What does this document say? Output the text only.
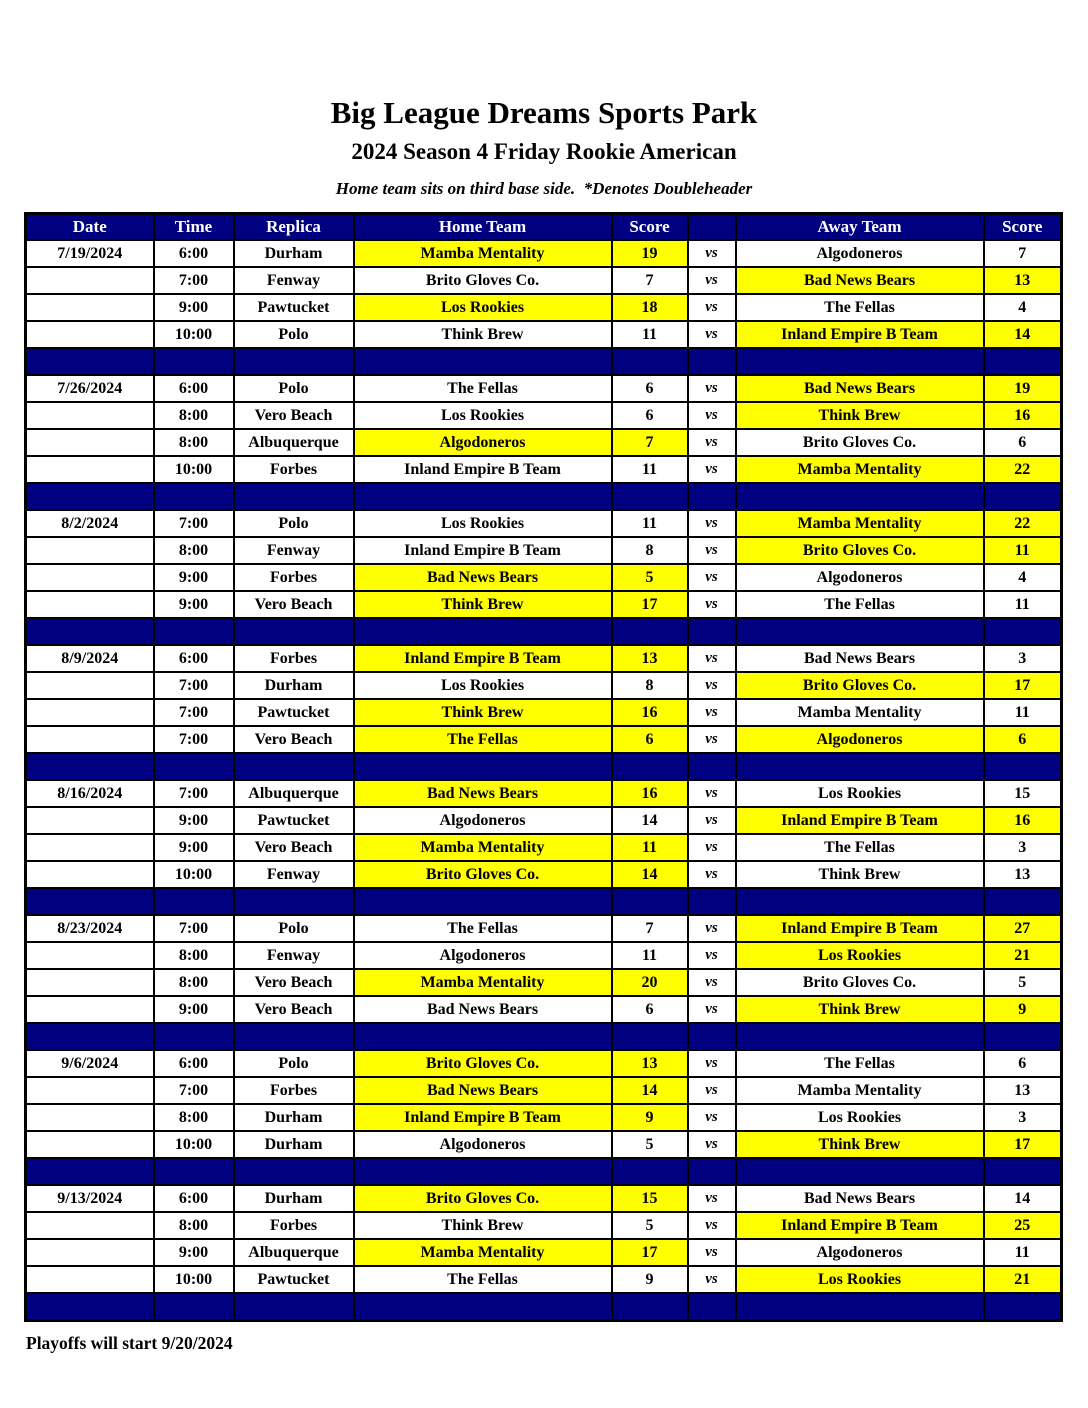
Big League Dreams Sports Park
2024 Season 4 Friday Rookie American
Home team sits on third base side.  *Denotes Doubleheader
Date	Time	Replica	Home Team	Score		Away Team	Score
7/19/2024	6:00	Durham	Mamba Mentality	19	vs	Algodoneros	7
	7:00	Fenway	Brito Gloves Co.	7	vs	Bad News Bears	13
	9:00	Pawtucket	Los Rookies	18	vs	The Fellas	4
	10:00	Polo	Think Brew	11	vs	Inland Empire B Team	14

7/26/2024	6:00	Polo	The Fellas	6	vs	Bad News Bears	19
	8:00	Vero Beach	Los Rookies	6	vs	Think Brew	16
	8:00	Albuquerque	Algodoneros	7	vs	Brito Gloves Co.	6
	10:00	Forbes	Inland Empire B Team	11	vs	Mamba Mentality	22

8/2/2024	7:00	Polo	Los Rookies	11	vs	Mamba Mentality	22
	8:00	Fenway	Inland Empire B Team	8	vs	Brito Gloves Co.	11
	9:00	Forbes	Bad News Bears	5	vs	Algodoneros	4
	9:00	Vero Beach	Think Brew	17	vs	The Fellas	11

8/9/2024	6:00	Forbes	Inland Empire B Team	13	vs	Bad News Bears	3
	7:00	Durham	Los Rookies	8	vs	Brito Gloves Co.	17
	7:00	Pawtucket	Think Brew	16	vs	Mamba Mentality	11
	7:00	Vero Beach	The Fellas	6	vs	Algodoneros	6

8/16/2024	7:00	Albuquerque	Bad News Bears	16	vs	Los Rookies	15
	9:00	Pawtucket	Algodoneros	14	vs	Inland Empire B Team	16
	9:00	Vero Beach	Mamba Mentality	11	vs	The Fellas	3
	10:00	Fenway	Brito Gloves Co.	14	vs	Think Brew	13

8/23/2024	7:00	Polo	The Fellas	7	vs	Inland Empire B Team	27
	8:00	Fenway	Algodoneros	11	vs	Los Rookies	21
	8:00	Vero Beach	Mamba Mentality	20	vs	Brito Gloves Co.	5
	9:00	Vero Beach	Bad News Bears	6	vs	Think Brew	9

9/6/2024	6:00	Polo	Brito Gloves Co.	13	vs	The Fellas	6
	7:00	Forbes	Bad News Bears	14	vs	Mamba Mentality	13
	8:00	Durham	Inland Empire B Team	9	vs	Los Rookies	3
	10:00	Durham	Algodoneros	5	vs	Think Brew	17

9/13/2024	6:00	Durham	Brito Gloves Co.	15	vs	Bad News Bears	14
	8:00	Forbes	Think Brew	5	vs	Inland Empire B Team	25
	9:00	Albuquerque	Mamba Mentality	17	vs	Algodoneros	11
	10:00	Pawtucket	The Fellas	9	vs	Los Rookies	21

Playoffs will start 9/20/2024
